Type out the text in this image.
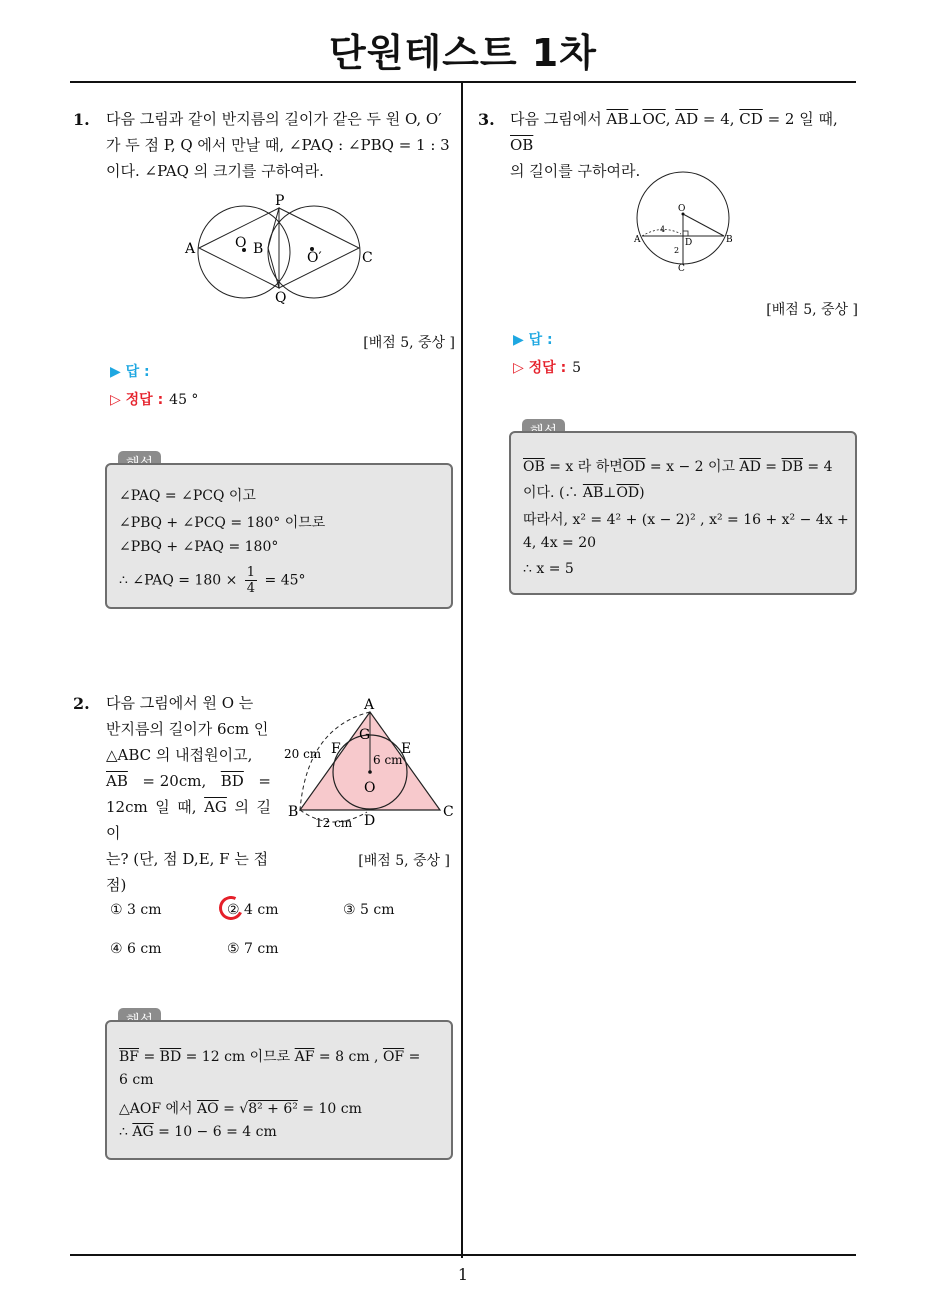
단원테스트 1차
1
1. 다음 그림과 같이 반지름의 길이가 같은 두 원 O, O′
가 두 점 P, Q 에서 만날 때, ∠PAQ : ∠PBQ = 1 : 3
이다. ∠PAQ 의 크기를 구하여라.
P
Q
A	B
C
O
O′
[배점 5, 중상 ]
▶ 답 :
▷ 정답 : 45 °
∠PAQ = ∠PCQ 이고
∠PBQ + ∠PCQ = 180° 이므로
∠PBQ + ∠PAQ = 180°
∴ ∠PAQ = $180 \times \frac{1}{4} = 45^\circ$
2. 다음 그림에서 원 O 는
반지름의 길이가 6cm 인
△ABC 의 내접원이고,
$\overline{AB} = 20cm$, $\overline{BD}$ =
12cm 일 때, $\overline{AG}$ 의 길이
는? (단, 점 D,E, F 는 접
점)
A
B	C
D
E
F
G
O
6 cm
20 cm
12 cm
[배점 5, 중상 ]
① 3 cm	② 4 cm	③ 5 cm
④ 6 cm	⑤ 7 cm
$\overline{BF} = \overline{BD} = 12$ cm 이므로 $\overline{AF} = 8$ cm , $\overline{OF}$ =
6 cm
△AOF 에서 $\overline{AO} = √8^2 + 6^2 = 10$ cm
∴ $\overline{AG} = 10 - 6 = 4$ cm
3. 다음 그림에서 $\overline{AB}\perp\overline{OC}$, $\overline{AD} = 4$, $\overline{CD} = 2$ 일 때, $\overline{OB}$
의 길이를 구하여라.
O
A	B
C
D
4
2
[배점 5, 중상 ]
▶ 답 :
▷ 정답 : 5
$\overline{OB} = x$ 라 하면$\overline{OD} = x - 2$ 이고 $\overline{AD} = \overline{DB} = 4$
이다. (∴ $\overline{AB}\perp\overline{OD}$)
따라서, x² = 4² + (x − 2)² , x² = 16 + x² − 4x +
4, 4x = 20
∴ x = 5
